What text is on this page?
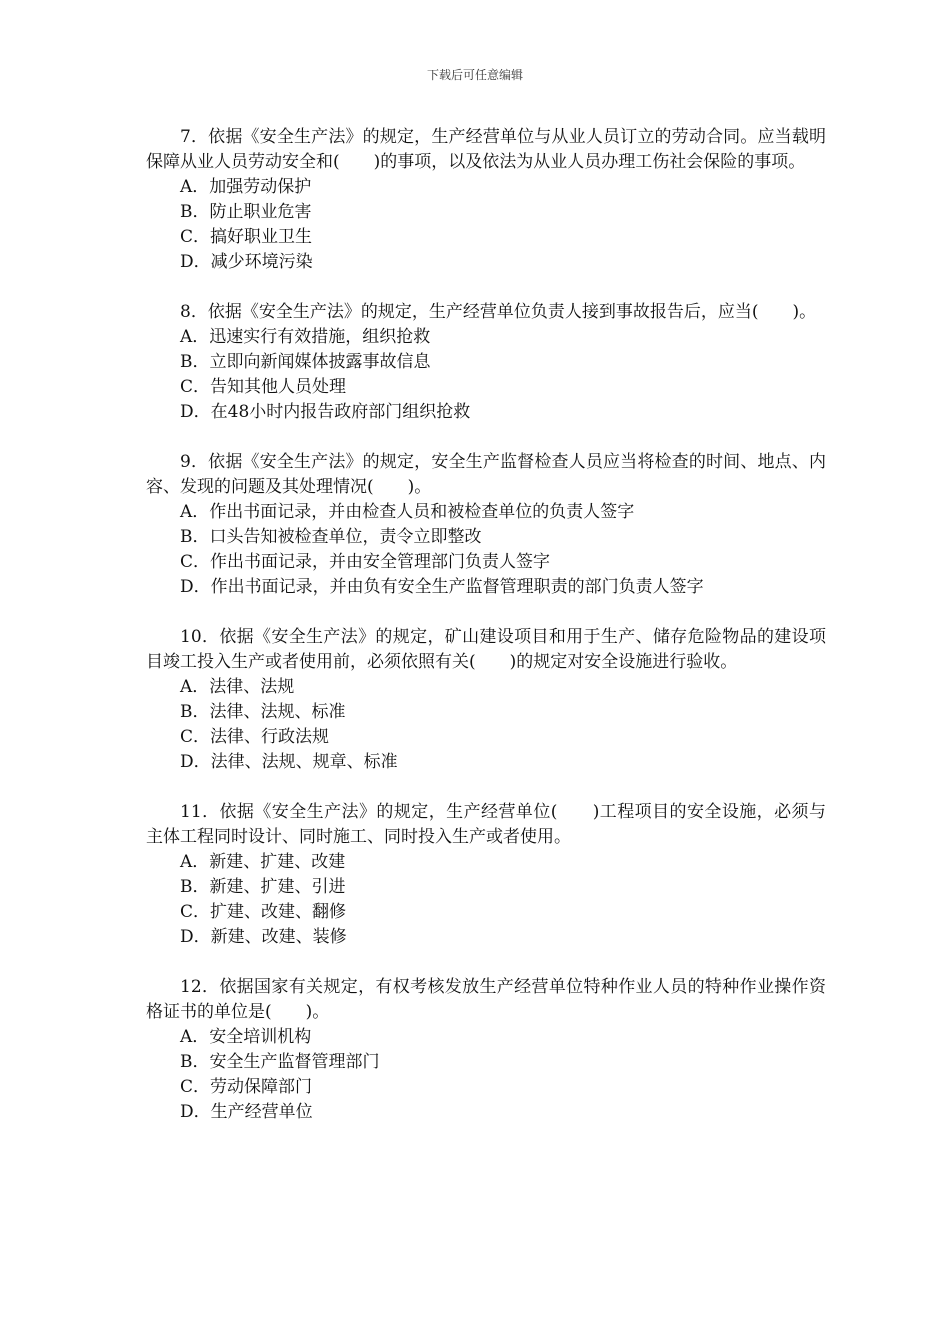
下载后可任意编辑

7．依据《安全生产法》的规定，生产经营单位与从业人员订立的劳动合同。应当载明保障从业人员劳动安全和(　　)的事项，以及依法为从业人员办理工伤社会保险的事项。

A．加强劳动保护
B．防止职业危害
C．搞好职业卫生
D．减少环境污染

8．依据《安全生产法》的规定，生产经营单位负责人接到事故报告后，应当(　　)。

A．迅速实行有效措施，组织抢救
B．立即向新闻媒体披露事故信息
C．告知其他人员处理
D．在48小时内报告政府部门组织抢救

9．依据《安全生产法》的规定，安全生产监督检查人员应当将检查的时间、地点、内容、发现的问题及其处理情况(　　)。

A．作出书面记录，并由检查人员和被检查单位的负责人签字
B．口头告知被检查单位，责令立即整改
C．作出书面记录，并由安全管理部门负责人签字
D．作出书面记录，并由负有安全生产监督管理职责的部门负责人签字

10．依据《安全生产法》的规定，矿山建设项目和用于生产、储存危险物品的建设项目竣工投入生产或者使用前，必须依照有关(　　)的规定对安全设施进行验收。

A．法律、法规
B．法律、法规、标准
C．法律、行政法规
D．法律、法规、规章、标准

11．依据《安全生产法》的规定，生产经营单位(　　)工程项目的安全设施，必须与主体工程同时设计、同时施工、同时投入生产或者使用。

A．新建、扩建、改建
B．新建、扩建、引进
C．扩建、改建、翻修
D．新建、改建、装修

12．依据国家有关规定，有权考核发放生产经营单位特种作业人员的特种作业操作资格证书的单位是(　　)。

A．安全培训机构
B．安全生产监督管理部门
C．劳动保障部门
D．生产经营单位
